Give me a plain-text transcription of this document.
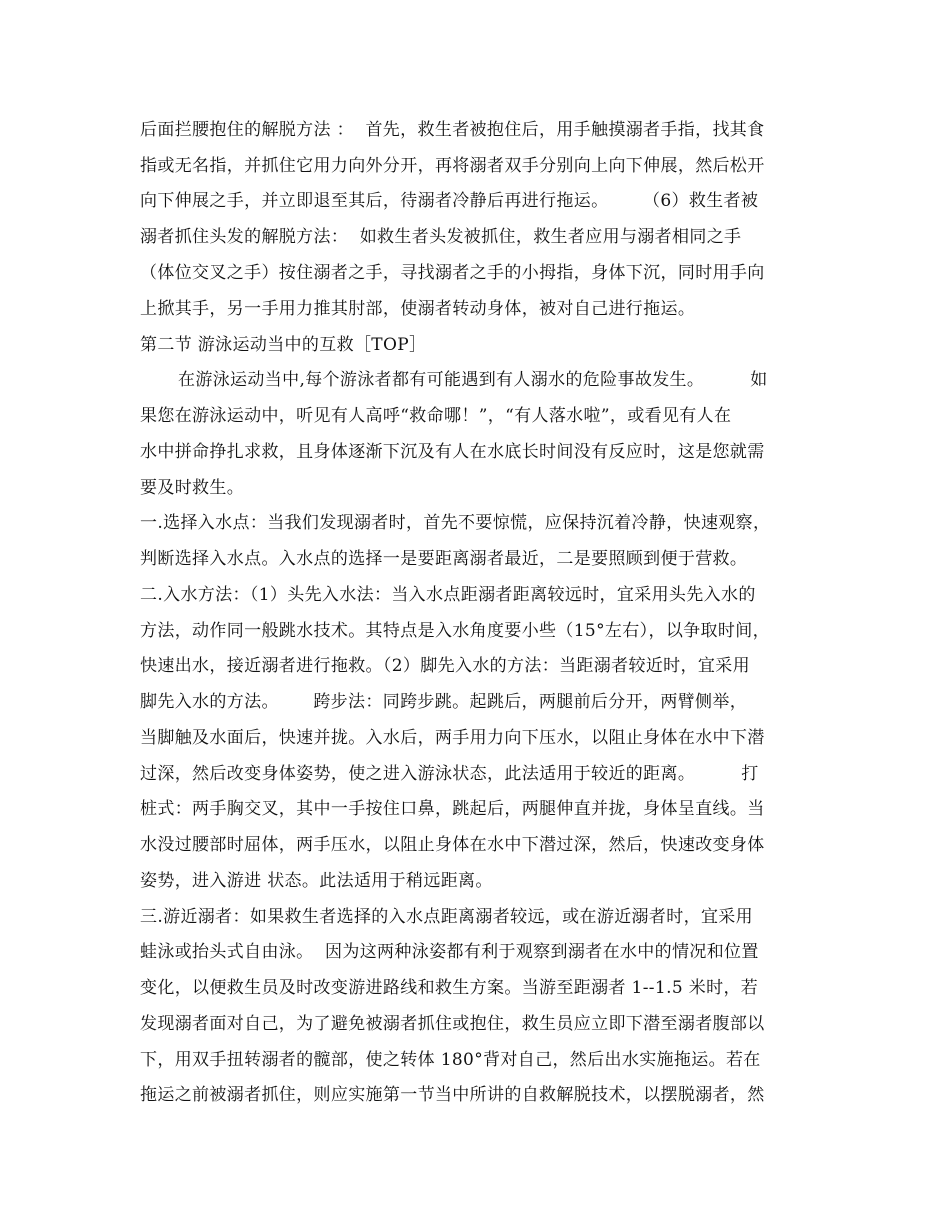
后面拦腰抱住的解脱方法 ：  首先，救生者被抱住后，用手触摸溺者手指，找其食
指或无名指，并抓住它用力向外分开，再将溺者双手分别向上向下伸展，然后松开
向下伸展之手，并立即退至其后，待溺者冷静后再进行拖运。      （6）救生者被
溺者抓住头发的解脱方法：  如救生者头发被抓住，救生者应用与溺者相同之手
（体位交叉之手）按住溺者之手，寻找溺者之手的小拇指，身体下沉，同时用手向
上掀其手，另一手用力推其肘部，使溺者转动身体，被对自己进行拖运。
第二节 游泳运动当中的互救［TOP］
在游泳运动当中,每个游泳者都有可能遇到有人溺水的危险事故发生。        如
果您在游泳运动中，听见有人高呼“救命哪！”，“有人落水啦”，或看见有人在
水中拼命挣扎求救，且身体逐渐下沉及有人在水底长时间没有反应时，这是您就需
要及时救生。
一.选择入水点：当我们发现溺者时，首先不要惊慌，应保持沉着冷静，快速观察，
判断选择入水点。入水点的选择一是要距离溺者最近，二是要照顾到便于营救。
二.入水方法：（1）头先入水法：当入水点距溺者距离较远时，宜采用头先入水的
方法，动作同一般跳水技术。其特点是入水角度要小些（15°左右），以争取时间，
快速出水，接近溺者进行拖救。（2）脚先入水的方法：当距溺者较近时，宜采用
脚先入水的方法。      跨步法：同跨步跳。起跳后，两腿前后分开，两臂侧举，
当脚触及水面后，快速并拢。入水后，两手用力向下压水，以阻止身体在水中下潜
过深，然后改变身体姿势，使之进入游泳状态，此法适用于较近的距离。        打
桩式：两手胸交叉，其中一手按住口鼻，跳起后，两腿伸直并拢，身体呈直线。当
水没过腰部时屈体，两手压水，以阻止身体在水中下潜过深，然后，快速改变身体
姿势，进入游进 状态。此法适用于稍远距离。
三.游近溺者：如果救生者选择的入水点距离溺者较远，或在游近溺者时，宜采用
蛙泳或抬头式自由泳。  因为这两种泳姿都有利于观察到溺者在水中的情况和位置
变化，以便救生员及时改变游进路线和救生方案。当游至距溺者 1--1.5 米时，若
发现溺者面对自己，为了避免被溺者抓住或抱住，救生员应立即下潜至溺者腹部以
下，用双手扭转溺者的髋部，使之转体 180°背对自己，然后出水实施拖运。若在
拖运之前被溺者抓住，则应实施第一节当中所讲的自救解脱技术，以摆脱溺者，然
